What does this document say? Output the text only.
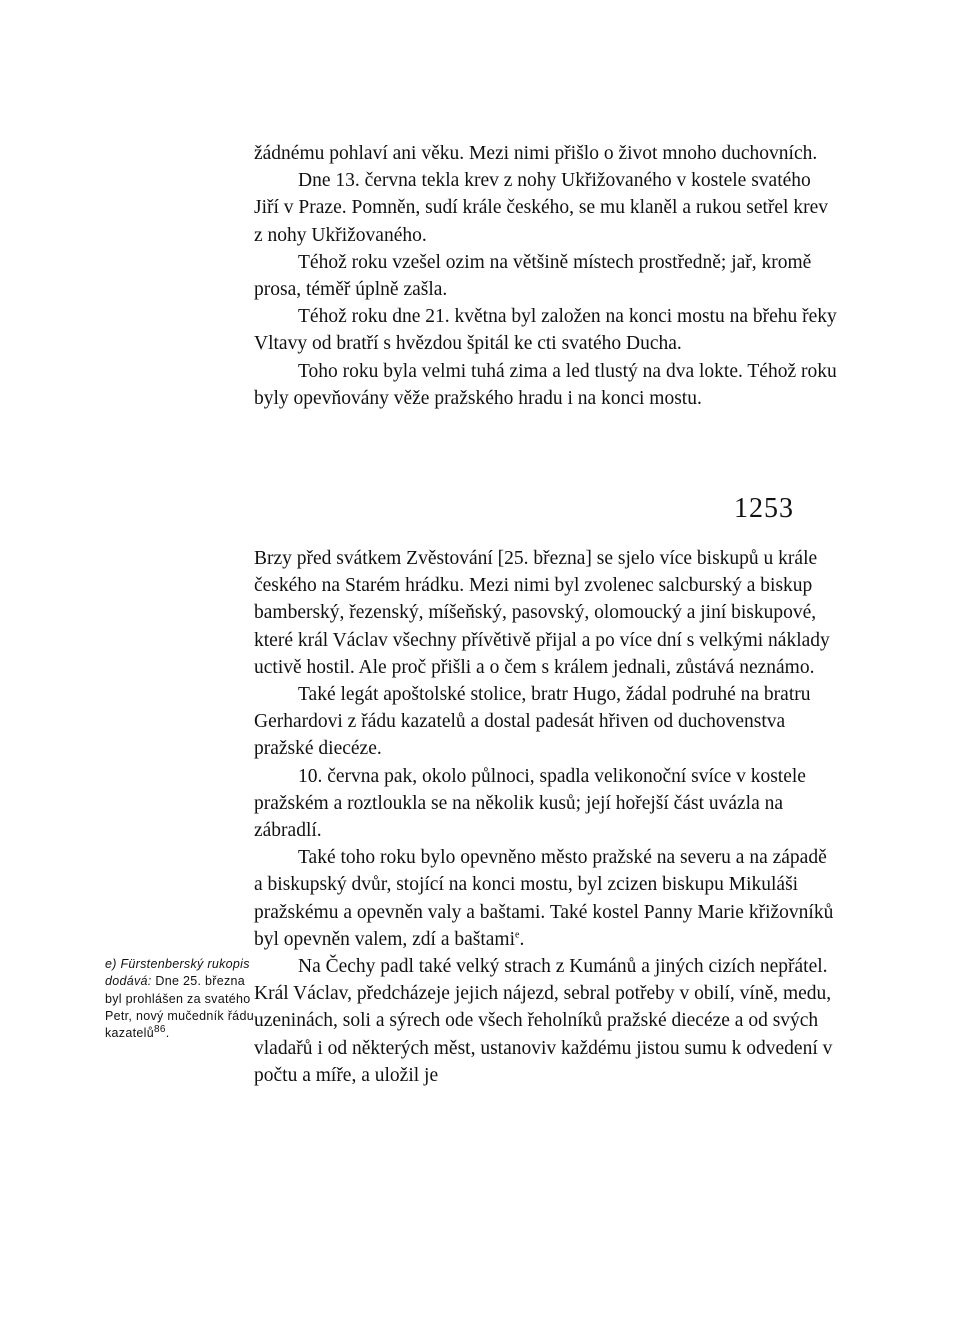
žádnému pohlaví ani věku. Mezi nimi přišlo o život mnoho duchovních.

Dne 13. června tekla krev z nohy Ukřižovaného v kostele svatého Jiří v Praze. Pomněn, sudí krále českého, se mu klaněl a rukou setřel krev z nohy Ukřižovaného.

Téhož roku vzešel ozim na většině místech prostředně; jař, kromě prosa, téměř úplně zašla.

Téhož roku dne 21. května byl založen na konci mostu na břehu řeky Vltavy od bratří s hvězdou špitál ke cti svatého Ducha.

Toho roku byla velmi tuhá zima a led tlustý na dva lokte. Téhož roku byly opevňovány věže pražského hradu i na konci mostu.

1253

Brzy před svátkem Zvěstování [25. března] se sjelo více biskupů u krále českého na Starém hrádku. Mezi nimi byl zvolenec salcburský a biskup bamberský, řezenský, míšeňský, pasovský, olomoucký a jiní biskupové, které král Václav všechny přívětivě přijal a po více dní s velkými náklady uctivě hostil. Ale proč přišli a o čem s králem jednali, zůstává neznámo.

Také legát apoštolské stolice, bratr Hugo, žádal podruhé na bratru Gerhardovi z řádu kazatelů a dostal padesát hřiven od duchovenstva pražské diecéze.

10. června pak, okolo půlnoci, spadla velikonoční svíce v kostele pražském a roztloukla se na několik kusů; její hořejší část uvázla na zábradlí.

Také toho roku bylo opevněno město pražské na severu a na západě a biskupský dvůr, stojící na konci mostu, byl zcizen biskupu Mikuláši pražskému a opevněn valy a baštami. Také kostel Panny Marie křižovníků byl opevněn valem, zdí a baštami$^e$.

Na Čechy padl také velký strach z Kumánů a jiných cizích nepřátel. Král Václav, předcházeje jejich nájezd, sebral potřeby v obilí, víně, medu, uzeninách, soli a sýrech ode všech řeholníků pražské diecéze a od svých vladařů i od některých měst, ustanoviv každému jistou sumu k odvedení v počtu a míře, a uložil je

e) Fürstenberský rukopis dodává: Dne 25. března byl prohlášen za svatého Petr, nový mučedník řádu kazatelů$^{86}$.
